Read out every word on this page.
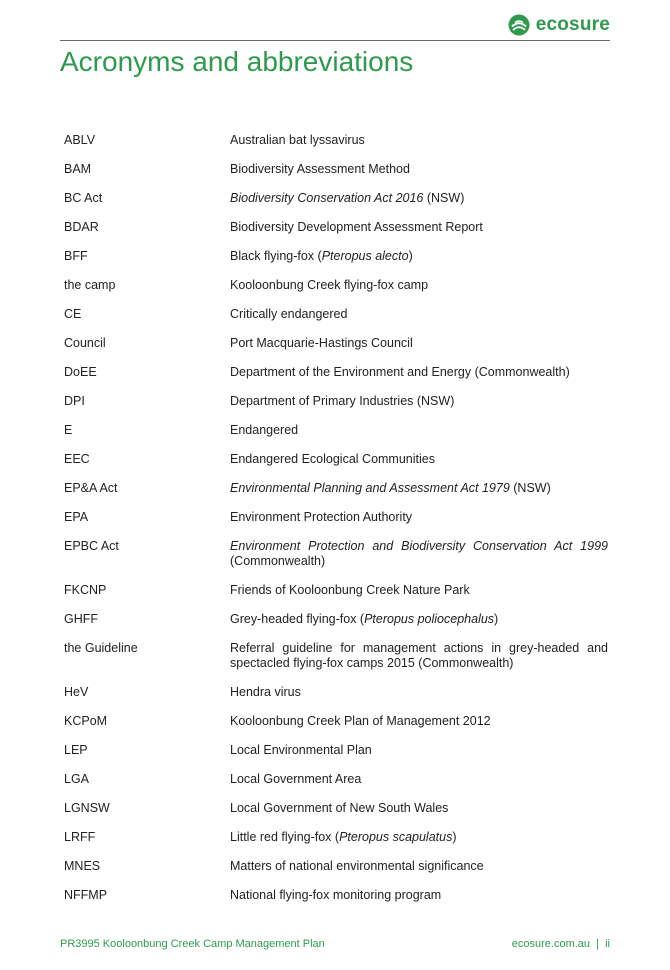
ecosure
Acronyms and abbreviations
ABLV	Australian bat lyssavirus
BAM	Biodiversity Assessment Method
BC Act	Biodiversity Conservation Act 2016 (NSW)
BDAR	Biodiversity Development Assessment Report
BFF	Black flying-fox (Pteropus alecto)
the camp	Kooloonbung Creek flying-fox camp
CE	Critically endangered
Council	Port Macquarie-Hastings Council
DoEE	Department of the Environment and Energy (Commonwealth)
DPI	Department of Primary Industries (NSW)
E	Endangered
EEC	Endangered Ecological Communities
EP&A Act	Environmental Planning and Assessment Act 1979 (NSW)
EPA	Environment Protection Authority
EPBC Act	Environment Protection and Biodiversity Conservation Act 1999 (Commonwealth)
FKCNP	Friends of Kooloonbung Creek Nature Park
GHFF	Grey-headed flying-fox (Pteropus poliocephalus)
the Guideline	Referral guideline for management actions in grey-headed and spectacled flying-fox camps 2015 (Commonwealth)
HeV	Hendra virus
KCPoM	Kooloonbung Creek Plan of Management 2012
LEP	Local Environmental Plan
LGA	Local Government Area
LGNSW	Local Government of New South Wales
LRFF	Little red flying-fox (Pteropus scapulatus)
MNES	Matters of national environmental significance
NFFMP	National flying-fox monitoring program
PR3995 Kooloonbung Creek Camp Management Plan	ecosure.com.au  |  ii
